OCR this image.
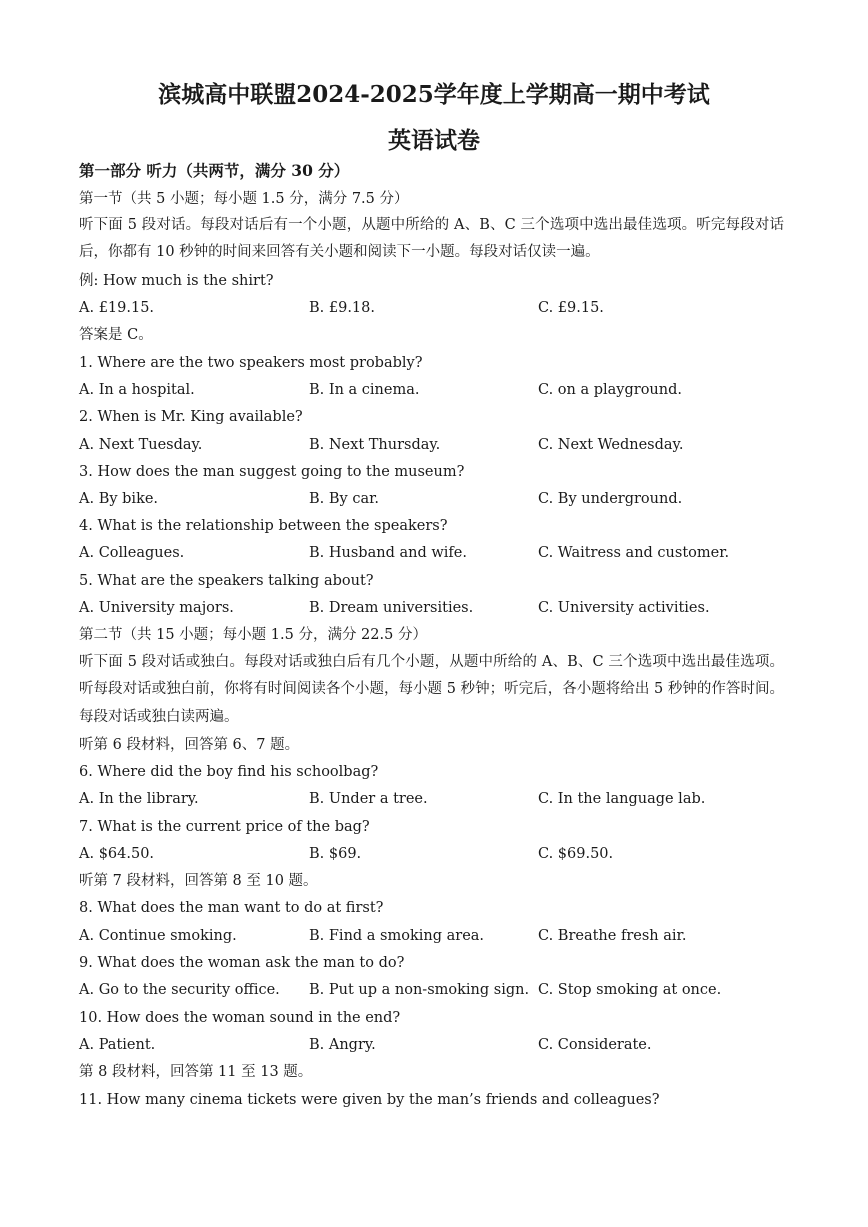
滨城高中联盟2024-2025学年度上学期高一期中考试
英语试卷
第一部分 听力（共两节，满分 30 分）
第一节（共 5 小题；每小题 1.5 分，满分 7.5 分）
听下面 5 段对话。每段对话后有一个小题，从题中所给的 A、B、C 三个选项中选出最佳选项。听完每段对话后，你都有 10 秒钟的时间来回答有关小题和阅读下一小题。每段对话仅读一遍。
例: How much is the shirt?
A. £19.15.	B. £9.18.	C. £9.15.
答案是 C。
1. Where are the two speakers most probably?
A. In a hospital.	B. In a cinema.	C. on a playground.
2. When is Mr. King available?
A. Next Tuesday.	B. Next Thursday.	C. Next Wednesday.
3. How does the man suggest going to the museum?
A. By bike.	B. By car.	C. By underground.
4. What is the relationship between the speakers?
A. Colleagues.	B. Husband and wife.	C. Waitress and customer.
5. What are the speakers talking about?
A. University majors.	B. Dream universities.	C. University activities.
第二节（共 15 小题；每小题 1.5 分，满分 22.5 分）
听下面 5 段对话或独白。每段对话或独白后有几个小题，从题中所给的 A、B、C 三个选项中选出最佳选项。听每段对话或独白前，你将有时间阅读各个小题，每小题 5 秒钟；听完后，各小题将给出 5 秒钟的作答时间。每段对话或独白读两遍。
听第 6 段材料，回答第 6、7 题。
6. Where did the boy find his schoolbag?
A. In the library.	B. Under a tree.	C. In the language lab.
7. What is the current price of the bag?
A. $64.50.	B. $69.	C. $69.50.
听第 7 段材料，回答第 8 至 10 题。
8. What does the man want to do at first?
A. Continue smoking.	B. Find a smoking area.	C. Breathe fresh air.
9. What does the woman ask the man to do?
A. Go to the security office. B. Put up a non-smoking sign. C. Stop smoking at once.
10. How does the woman sound in the end?
A. Patient.	B. Angry.	C. Considerate.
第 8 段材料，回答第 11 至 13 题。
11. How many cinema tickets were given by the man’s friends and colleagues?
